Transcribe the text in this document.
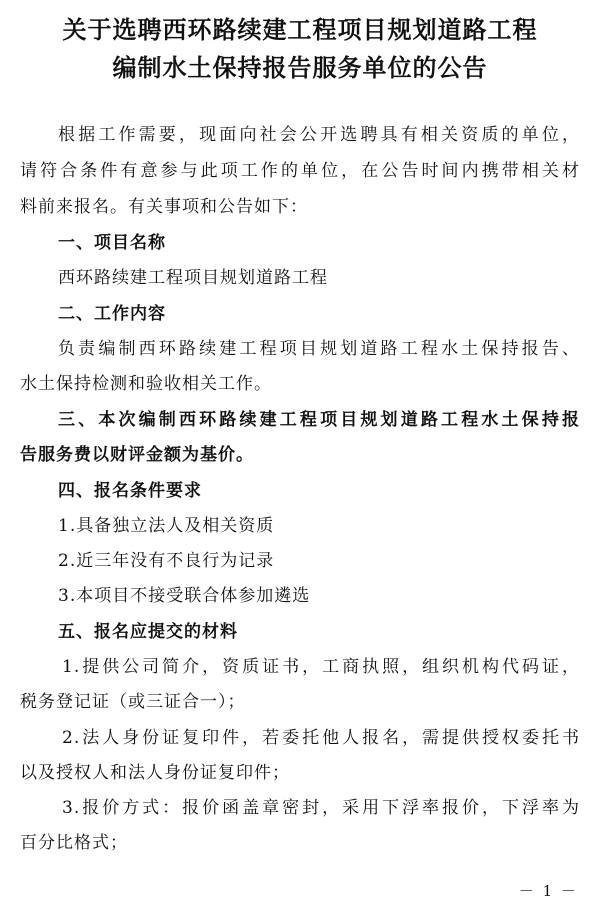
关于选聘西环路续建工程项目规划道路工程
编制水土保持报告服务单位的公告
根据工作需要，现面向社会公开选聘具有相关资质的单位，
请符合条件有意参与此项工作的单位，在公告时间内携带相关材
料前来报名。有关事项和公告如下：
一、项目名称
西环路续建工程项目规划道路工程
二、工作内容
负责编制西环路续建工程项目规划道路工程水土保持报告、
水土保持检测和验收相关工作。
三、本次编制西环路续建工程项目规划道路工程水土保持报
告服务费以财评金额为基价。
四、报名条件要求
1.具备独立法人及相关资质
2.近三年没有不良行为记录
3.本项目不接受联合体参加遴选
五、报名应提交的材料
1.提供公司简介，资质证书，工商执照，组织机构代码证，
税务登记证（或三证合一）；
2.法人身份证复印件，若委托他人报名，需提供授权委托书
以及授权人和法人身份证复印件；
3.报价方式：报价函盖章密封，采用下浮率报价，下浮率为
百分比格式；
－ 1 －
